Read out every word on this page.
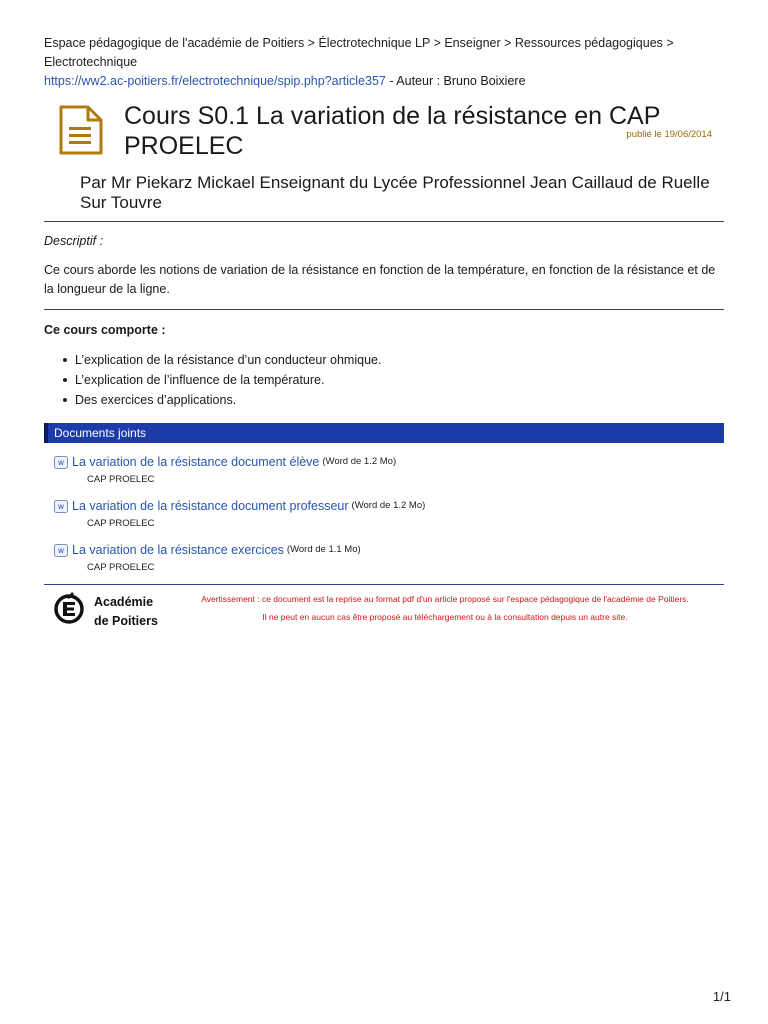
Espace pédagogique de l'académie de Poitiers > Électrotechnique LP > Enseigner > Ressources pédagogiques > Electrotechnique
https://ww2.ac-poitiers.fr/electrotechnique/spip.php?article357 - Auteur : Bruno Boixiere
Cours S0.1 La variation de la résistance en CAP PROELEC	publié le 19/06/2014
Par Mr Piekarz Mickael Enseignant du Lycée Professionnel Jean Caillaud de Ruelle Sur Touvre
Descriptif :
Ce cours aborde les notions de variation de la résistance en fonction de la température, en fonction de la résistance et de la longueur de la ligne.
Ce cours comporte :
L’explication de la résistance d’un conducteur ohmique.
L’explication de l’influence de la température.
Des exercices d’applications.
Documents joints
W La variation de la résistance document élève (Word de 1.2 Mo)
CAP PROELEC
W La variation de la résistance document professeur (Word de 1.2 Mo)
CAP PROELEC
W La variation de la résistance exercices (Word de 1.1 Mo)
CAP PROELEC
Académie
de Poitiers
Avertissement : ce document est la reprise au format pdf d'un article proposé sur l'espace pédagogique de l'académie de Poitiers.
Il ne peut en aucun cas être proposé au téléchargement ou à la consultation depuis un autre site.
1/1
